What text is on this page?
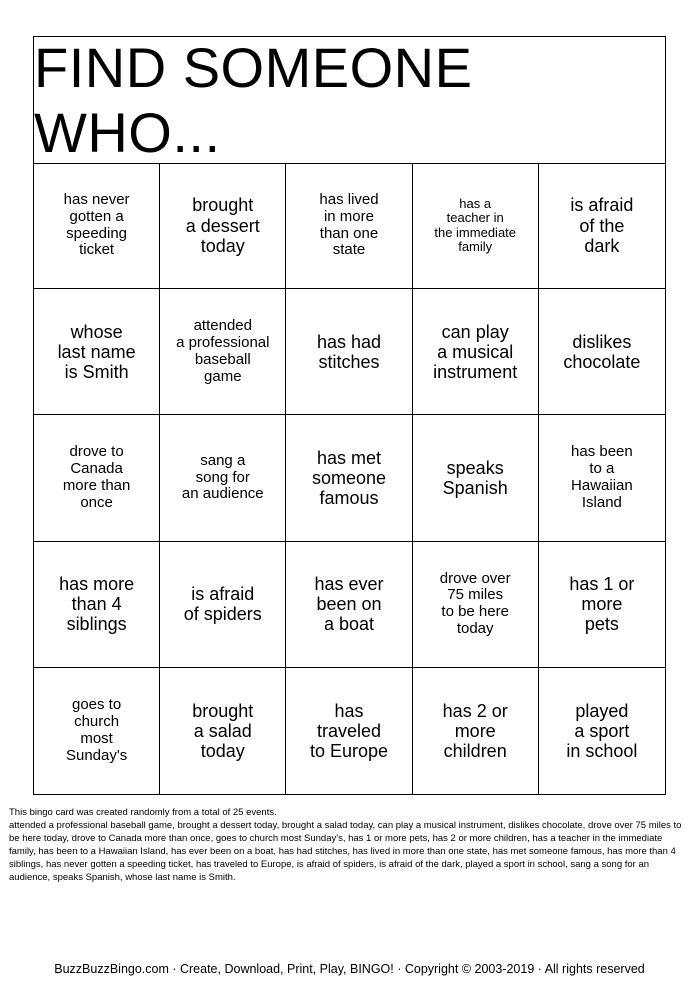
FIND SOMEONE WHO...
has never
gotten a
speeding
ticket
brought
a dessert
today
has lived
in more
than one
state
has a
teacher in
the immediate
family
is afraid
of the
dark
whose
last name
is Smith
attended
a professional
baseball
game
has had
stitches
can play
a musical
instrument
dislikes
chocolate
drove to
Canada
more than
once
sang a
song for
an audience
has met
someone
famous
speaks
Spanish
has been
to a
Hawaiian
Island
has more
than 4
siblings
is afraid
of spiders
has ever
been on
a boat
drove over
75 miles
to be here
today
has 1 or
more
pets
goes to
church
most
Sunday's
brought
a salad
today
has
traveled
to Europe
has 2 or
more
children
played
a sport
in school

This bingo card was created randomly from a total of 25 events.

attended a professional baseball game, brought a dessert today, brought a salad today, can play a musical instrument, dislikes chocolate, drove over 75 miles to be here today, drove to Canada more than once, goes to church most Sunday's, has 1 or more pets, has 2 or more children, has a teacher in the immediate family, has been to a Hawaiian Island, has ever been on a boat, has had stitches, has lived in more than one state, has met someone famous, has more than 4 siblings, has never gotten a speeding ticket, has traveled to Europe, is afraid of spiders, is afraid of the dark, played a sport in school, sang a song for an audience, speaks Spanish, whose last name is Smith.

BuzzBuzzBingo.com · Create, Download, Print, Play, BINGO! · Copyright © 2003-2019 · All rights reserved
